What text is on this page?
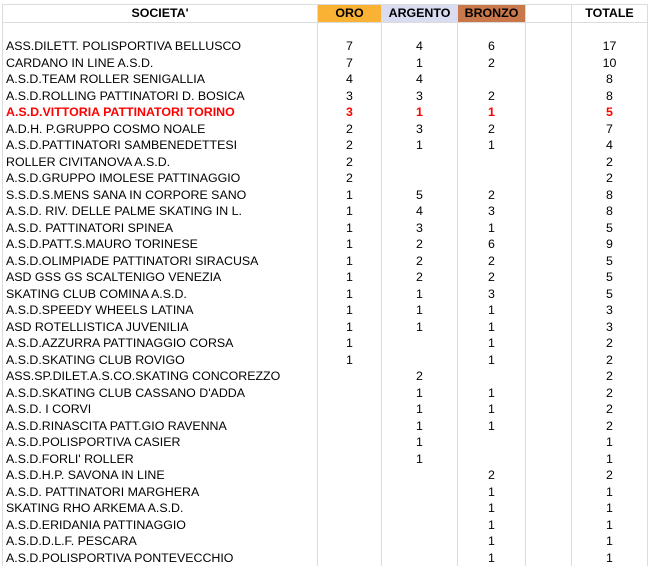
SOCIETA'	ORO	ARGENTO	BRONZO		TOTALE

ASS.DILETT. POLISPORTIVA BELLUSCO	7	4	6		17
CARDANO IN LINE A.S.D.	7	1	2		10
A.S.D.TEAM ROLLER SENIGALLIA	4	4			8
A.S.D.ROLLING PATTINATORI D. BOSICA	3	3	2		8
A.S.D.VITTORIA PATTINATORI TORINO	3	1	1		5
A.D.H. P.GRUPPO COSMO NOALE	2	3	2		7
A.S.D.PATTINATORI SAMBENEDETTESI	2	1	1		4
ROLLER CIVITANOVA A.S.D.	2				2
A.S.D.GRUPPO IMOLESE PATTINAGGIO	2				2
S.S.D.S.MENS SANA IN CORPORE SANO	1	5	2		8
A.S.D. RIV. DELLE PALME SKATING IN L.	1	4	3		8
A.S.D. PATTINATORI SPINEA	1	3	1		5
A.S.D.PATT.S.MAURO TORINESE	1	2	6		9
A.S.D.OLIMPIADE PATTINATORI SIRACUSA	1	2	2		5
ASD GSS GS SCALTENIGO VENEZIA	1	2	2		5
SKATING CLUB COMINA A.S.D.	1	1	3		5
A.S.D.SPEEDY WHEELS LATINA	1	1	1		3
ASD ROTELLISTICA JUVENILIA	1	1	1		3
A.S.D.AZZURRA PATTINAGGIO CORSA	1		1		2
A.S.D.SKATING CLUB ROVIGO	1		1		2
ASS.SP.DILET.A.S.CO.SKATING CONCOREZZO		2			2
A.S.D.SKATING CLUB CASSANO D'ADDA		1	1		2
A.S.D. I CORVI		1	1		2
A.S.D.RINASCITA PATT.GIO RAVENNA		1	1		2
A.S.D.POLISPORTIVA CASIER		1			1
A.S.D.FORLI' ROLLER		1			1
A.S.D.H.P. SAVONA IN LINE			2		2
A.S.D. PATTINATORI MARGHERA			1		1
SKATING RHO ARKEMA A.S.D.			1		1
A.S.D.ERIDANIA PATTINAGGIO			1		1
A.S.D.D.L.F. PESCARA			1		1
A.S.D.POLISPORTIVA PONTEVECCHIO			1		1
